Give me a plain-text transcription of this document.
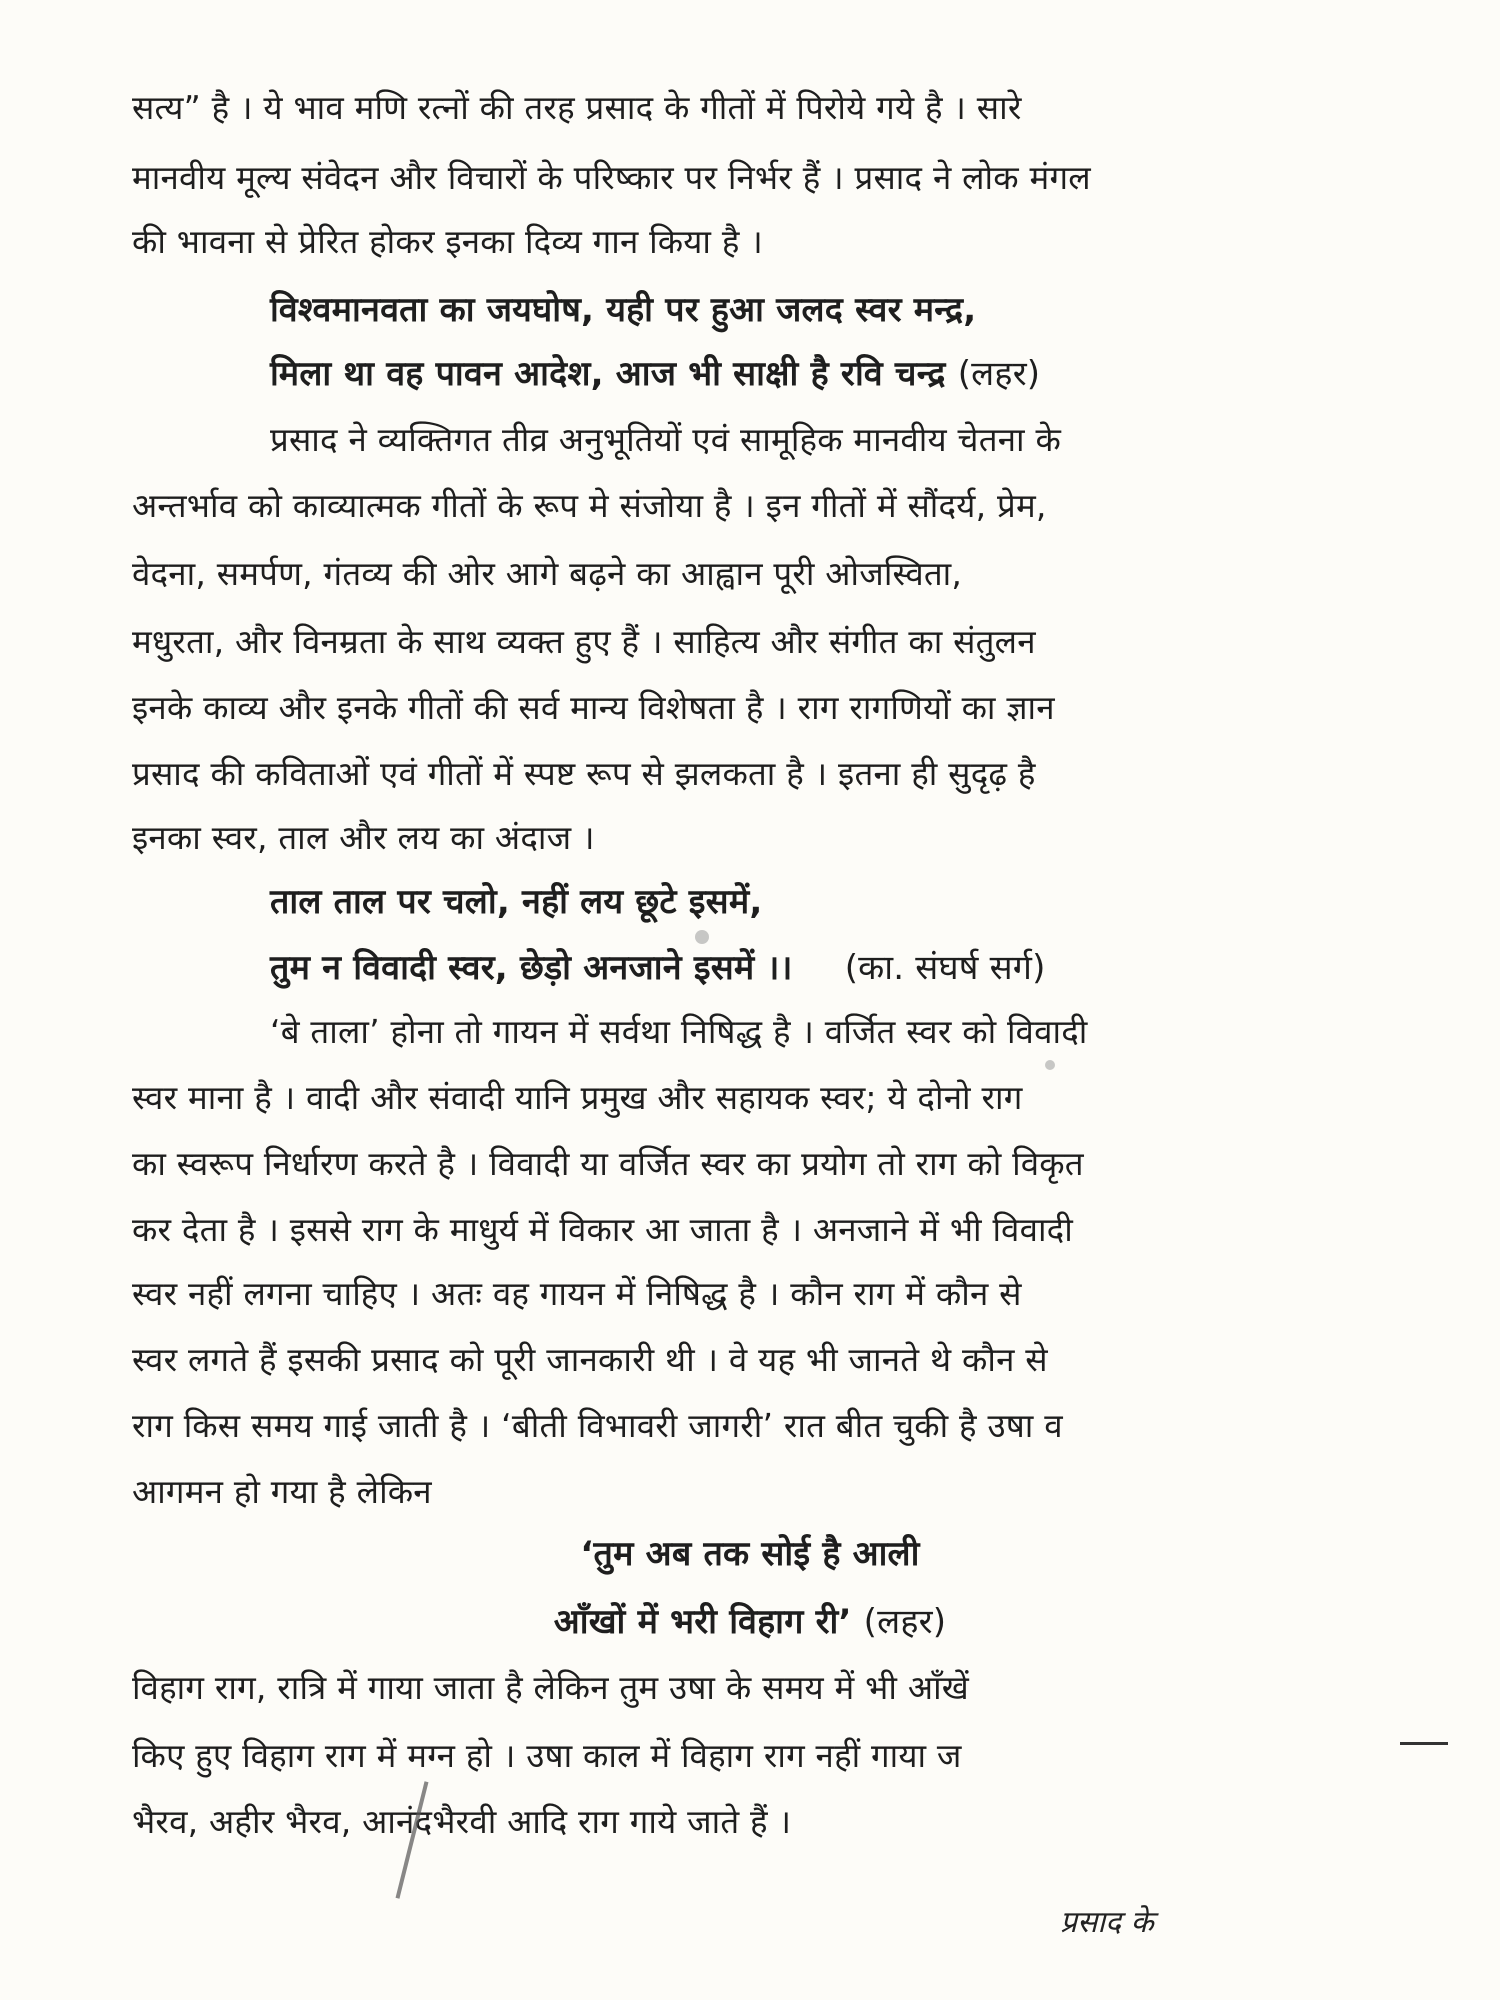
सत्य” है । ये भाव मणि रत्नों की तरह प्रसाद के गीतों में पिरोये गये है । सारे
मानवीय मूल्य संवेदन और विचारों के परिष्कार पर निर्भर हैं । प्रसाद ने लोक मंगल
की भावना से प्रेरित होकर इनका दिव्य गान किया है ।
विश्वमानवता का जयघोष, यही पर हुआ जलद स्वर मन्द्र,
मिला था वह पावन आदेश, आज भी साक्षी है रवि चन्द्र (लहर)
प्रसाद ने व्यक्तिगत तीव्र अनुभूतियों एवं सामूहिक मानवीय चेतना के
अन्तर्भाव को काव्यात्मक गीतों के रूप मे संजोया है । इन गीतों में सौंदर्य, प्रेम,
वेदना, समर्पण, गंतव्य की ओर आगे बढ़ने का आह्वान पूरी ओजस्विता,
मधुरता, और विनम्रता के साथ व्यक्त हुए हैं । साहित्य और संगीत का संतुलन
इनके काव्य और इनके गीतों की सर्व मान्य विशेषता है । राग रागणियों का ज्ञान
प्रसाद की कविताओं एवं गीतों में स्पष्ट रूप से झलकता है । इतना ही सुदृढ़ है
इनका स्वर, ताल और लय का अंदाज ।
ताल ताल पर चलो, नहीं लय छूटे इसमें,
तुम न विवादी स्वर, छेड़ो अनजाने इसमें ।। (का. संघर्ष सर्ग)
‘बे ताला’ होना तो गायन में सर्वथा निषिद्ध है । वर्जित स्वर को विवादी
स्वर माना है । वादी और संवादी यानि प्रमुख और सहायक स्वर; ये दोनो राग
का स्वरूप निर्धारण करते है । विवादी या वर्जित स्वर का प्रयोग तो राग को विकृत
कर देता है । इससे राग के माधुर्य में विकार आ जाता है । अनजाने में भी विवादी
स्वर नहीं लगना चाहिए । अतः वह गायन में निषिद्ध है । कौन राग में कौन से
स्वर लगते हैं इसकी प्रसाद को पूरी जानकारी थी । वे यह भी जानते थे कौन से
राग किस समय गाई जाती है । ‘बीती विभावरी जागरी’ रात बीत चुकी है उषा व
आगमन हो गया है लेकिन
‘तुम अब तक सोई है आली
आँखों में भरी विहाग री’ (लहर)
विहाग राग, रात्रि में गाया जाता है लेकिन तुम उषा के समय में भी आँखें
किए हुए विहाग राग में मग्न हो । उषा काल में विहाग राग नहीं गाया ज
भैरव, अहीर भैरव, आनंदभैरवी आदि राग गाये जाते हैं ।
प्रसाद के
